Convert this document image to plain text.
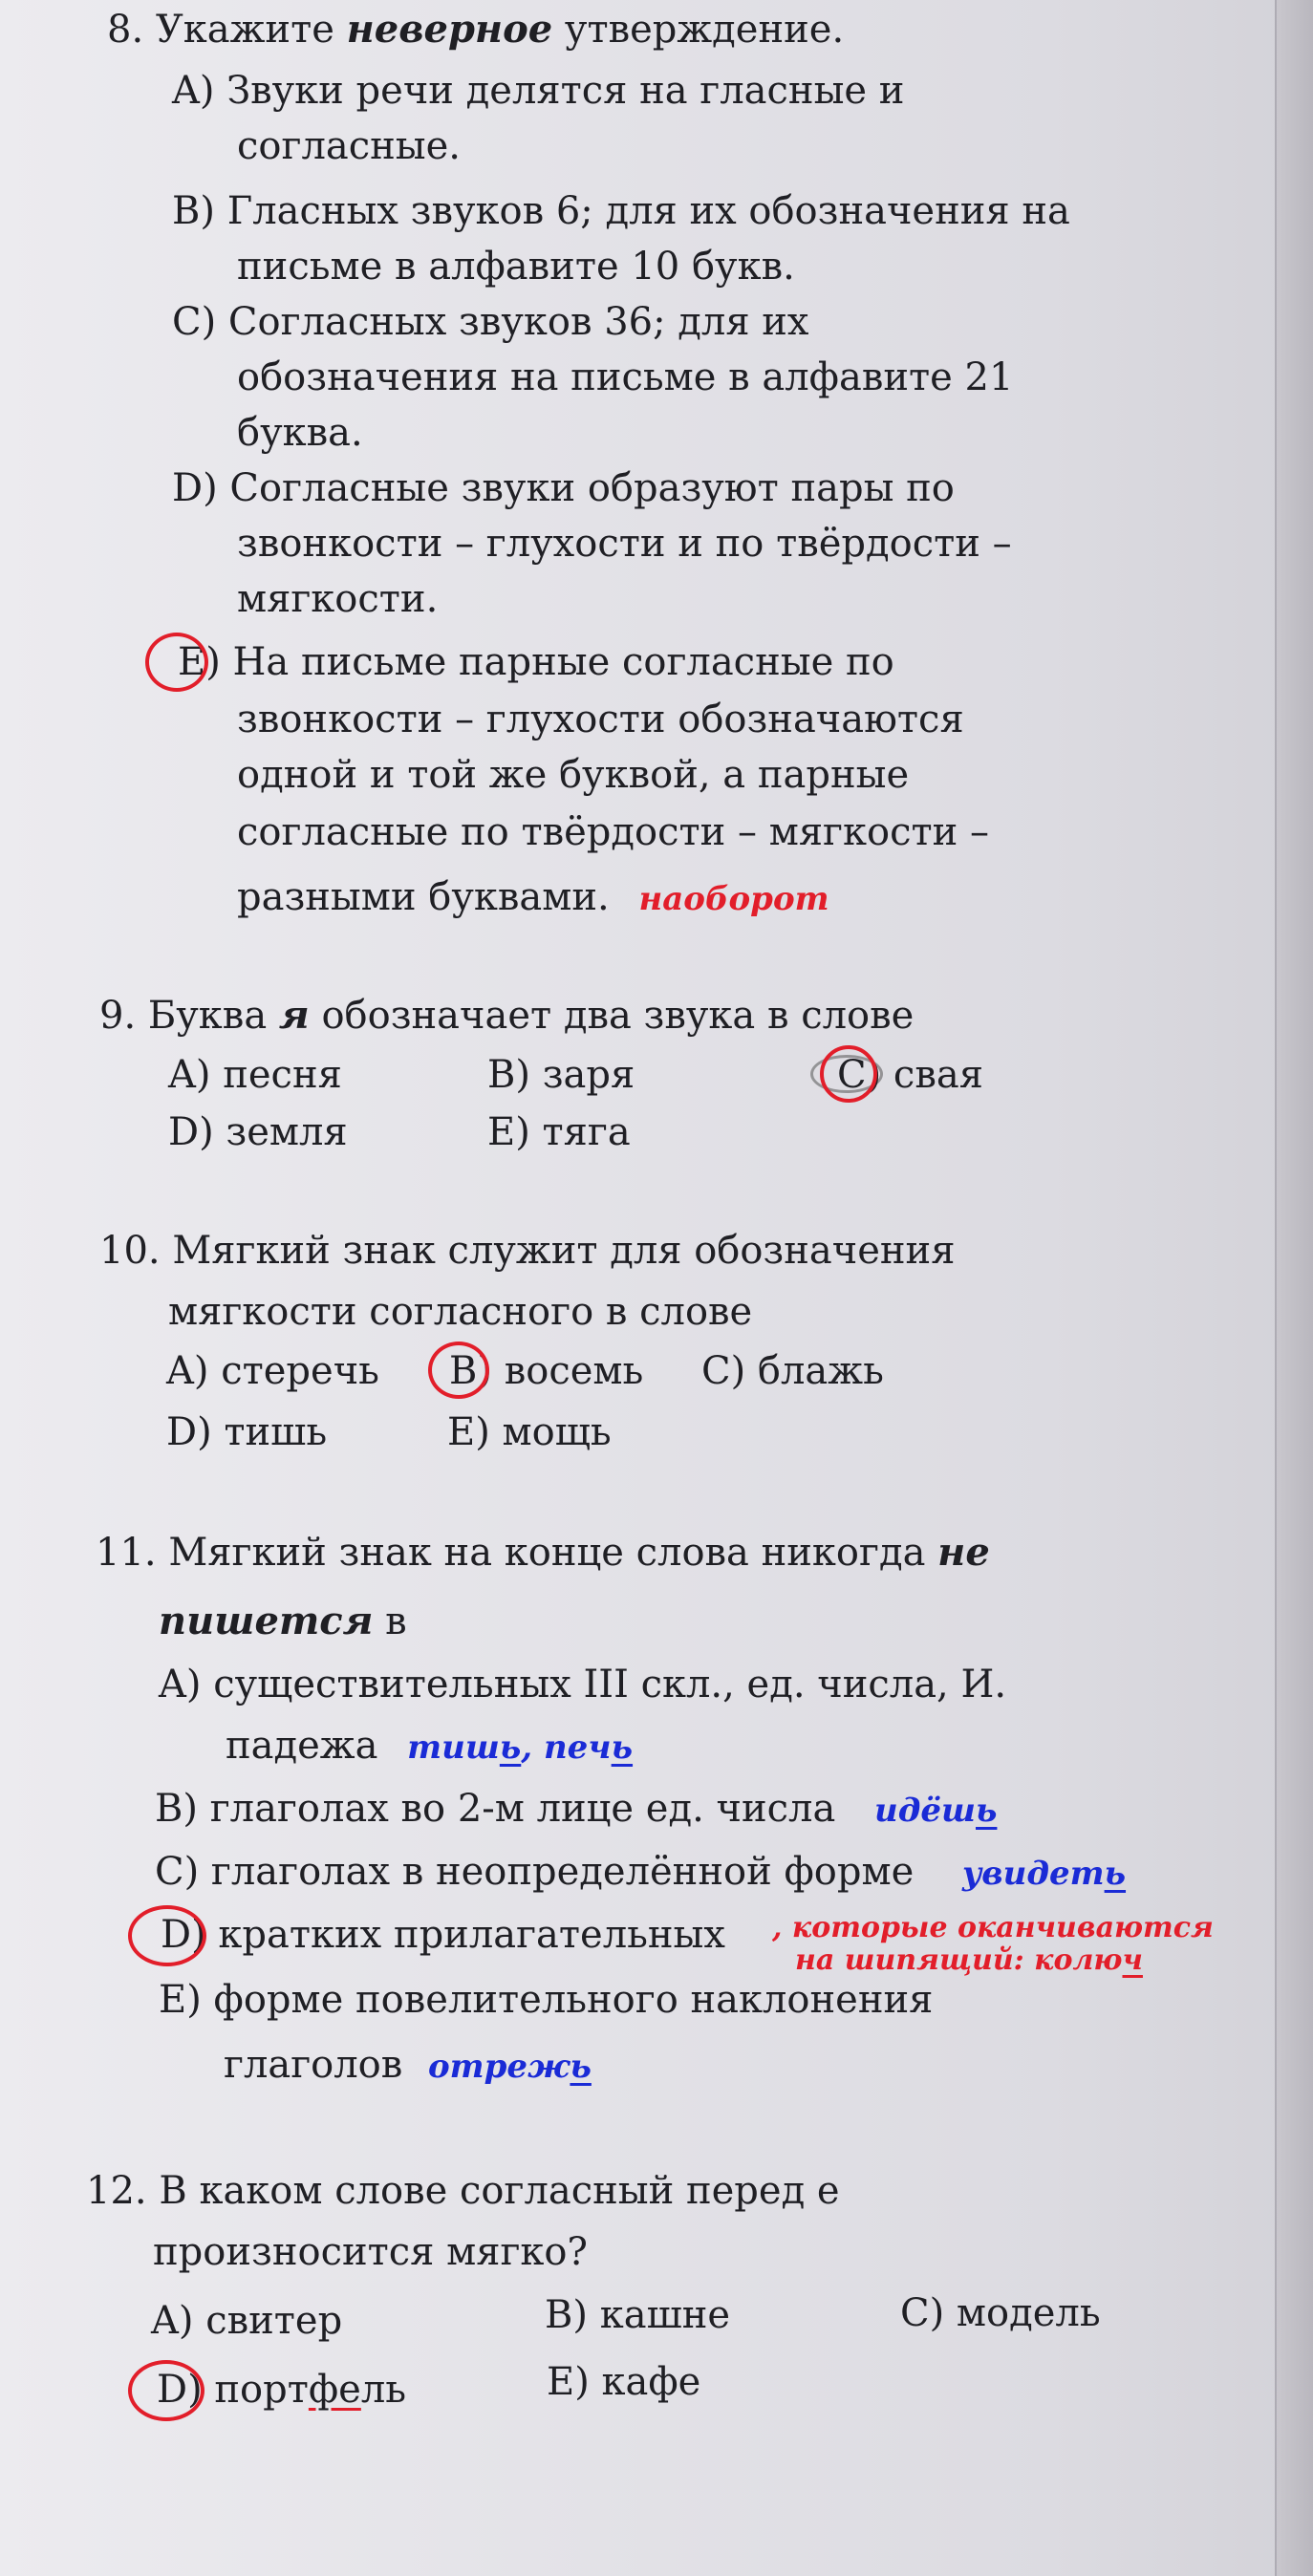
8. Укажите неверное утверждение.
A) Звуки речи делятся на гласные и
согласные.
B) Гласных звуков 6; для их обозначения на
письме в алфавите 10 букв.
C) Согласных звуков 36; для их
обозначения на письме в алфавите 21
буква.
D) Согласные звуки образуют пары по
звонкости – глухости и по твёрдости –
мягкости.
E) На письме парные согласные по
звонкости – глухости обозначаются
одной и той же буквой, а парные
согласные по твёрдости – мягкости –
разными буквами. наоборот
9. Буква я обозначает два звука в слове
A) песня	B) заря	C) свая
D) земля	E) тяга
10. Мягкий знак служит для обозначения
мягкости согласного в слове
A) стеречь B) восемь C) блажь
D) тишь	E) мощь
11. Мягкий знак на конце слова никогда не
пишется в
A) существительных III скл., ед. числа, И.
падежа тишь, печь
B) глаголах во 2-м лице ед. числа идёшь
C) глаголах в неопределённой форме увидеть
D) кратких прилагательных , которые оканчиваются
на шипящий: колюч
E) форме повелительного наклонения
глаголов отрежь
12. В каком слове согласный перед е
произносится мягко?
A) свитер	B) кашне	C) модель
D) портфель	E) кафе
